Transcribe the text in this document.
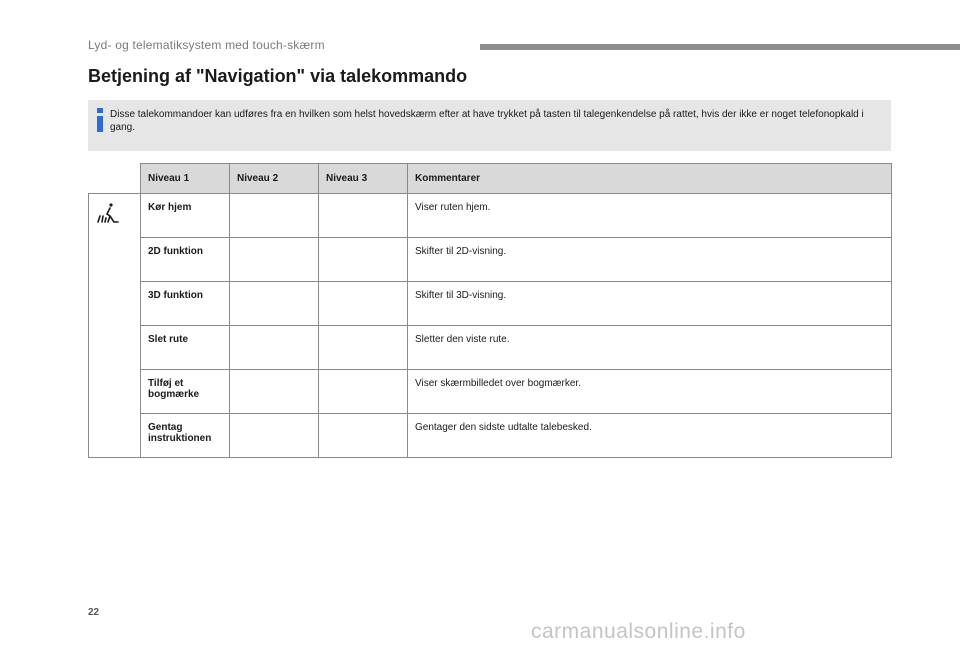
Lyd- og telematiksystem med touch-skærm
Betjening af "Navigation" via talekommando
Disse talekommandoer kan udføres fra en hvilken som helst hovedskærm efter at have trykket på tasten til talegenkendelse på rattet, hvis der ikke er noget telefonopkald i gang.
	Niveau 1	Niveau 2	Niveau 3	Kommentarer
	Kør hjem			Viser ruten hjem.
	2D funktion			Skifter til 2D-visning.
	3D funktion			Skifter til 3D-visning.
	Slet rute			Sletter den viste rute.
	Tilføj et bogmærke			Viser skærmbilledet over bogmærker.
	Gentag instruktionen			Gentager den sidste udtalte talebesked.
22
carmanualsonline.info
